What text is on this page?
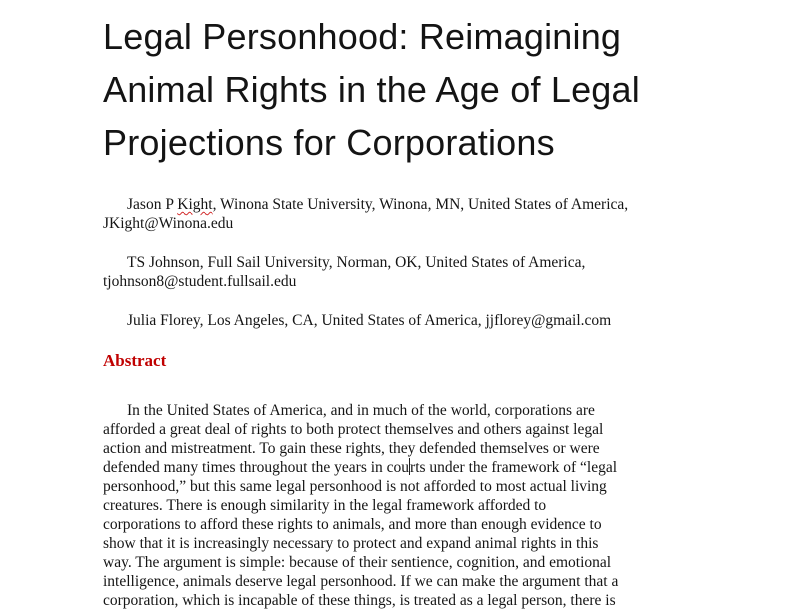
Legal Personhood: Reimagining
Animal Rights in the Age of Legal
Projections for Corporations

Jason P Kight, Winona State University, Winona, MN, United States of America,
JKight@Winona.edu

TS Johnson, Full Sail University, Norman, OK, United States of America,
tjohnson8@student.fullsail.edu

Julia Florey, Los Angeles, CA, United States of America, jjflorey@gmail.com

Abstract

In the United States of America, and in much of the world, corporations are
afforded a great deal of rights to both protect themselves and others against legal
action and mistreatment. To gain these rights, they defended themselves or were
defended many times throughout the years in courts under the framework of “legal
personhood,” but this same legal personhood is not afforded to most actual living
creatures. There is enough similarity in the legal framework afforded to
corporations to afford these rights to animals, and more than enough evidence to
show that it is increasingly necessary to protect and expand animal rights in this
way. The argument is simple: because of their sentience, cognition, and emotional
intelligence, animals deserve legal personhood. If we can make the argument that a
corporation, which is incapable of these things, is treated as a legal person, there is
